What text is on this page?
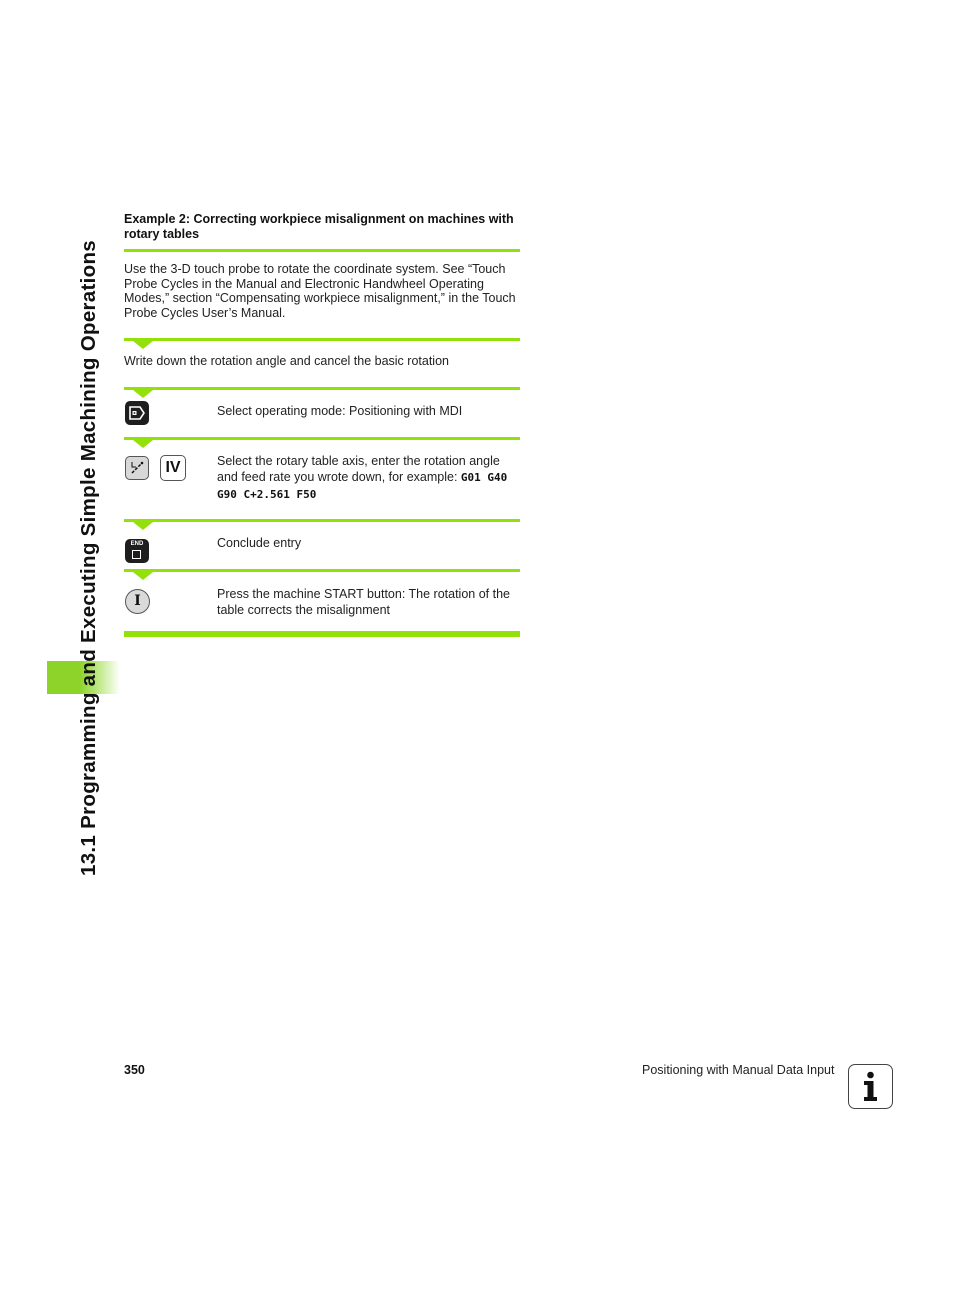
13.1 Programming and Executing Simple Machining Operations
Example 2: Correcting workpiece misalignment on machines with rotary tables
Use the 3-D touch probe to rotate the coordinate system. See “Touch Probe Cycles in the Manual and Electronic Handwheel Operating Modes,” section “Compensating workpiece misalignment,” in the Touch Probe Cycles User’s Manual.
Write down the rotation angle and cancel the basic rotation
Select operating mode: Positioning with MDI
IV	Select the rotary table axis, enter the rotation angle and feed rate you wrote down, for example: G01 G40 G90 C+2.561 F50
END	Conclude entry
I	Press the machine START button: The rotation of the table corrects the misalignment
350	Positioning with Manual Data Input
